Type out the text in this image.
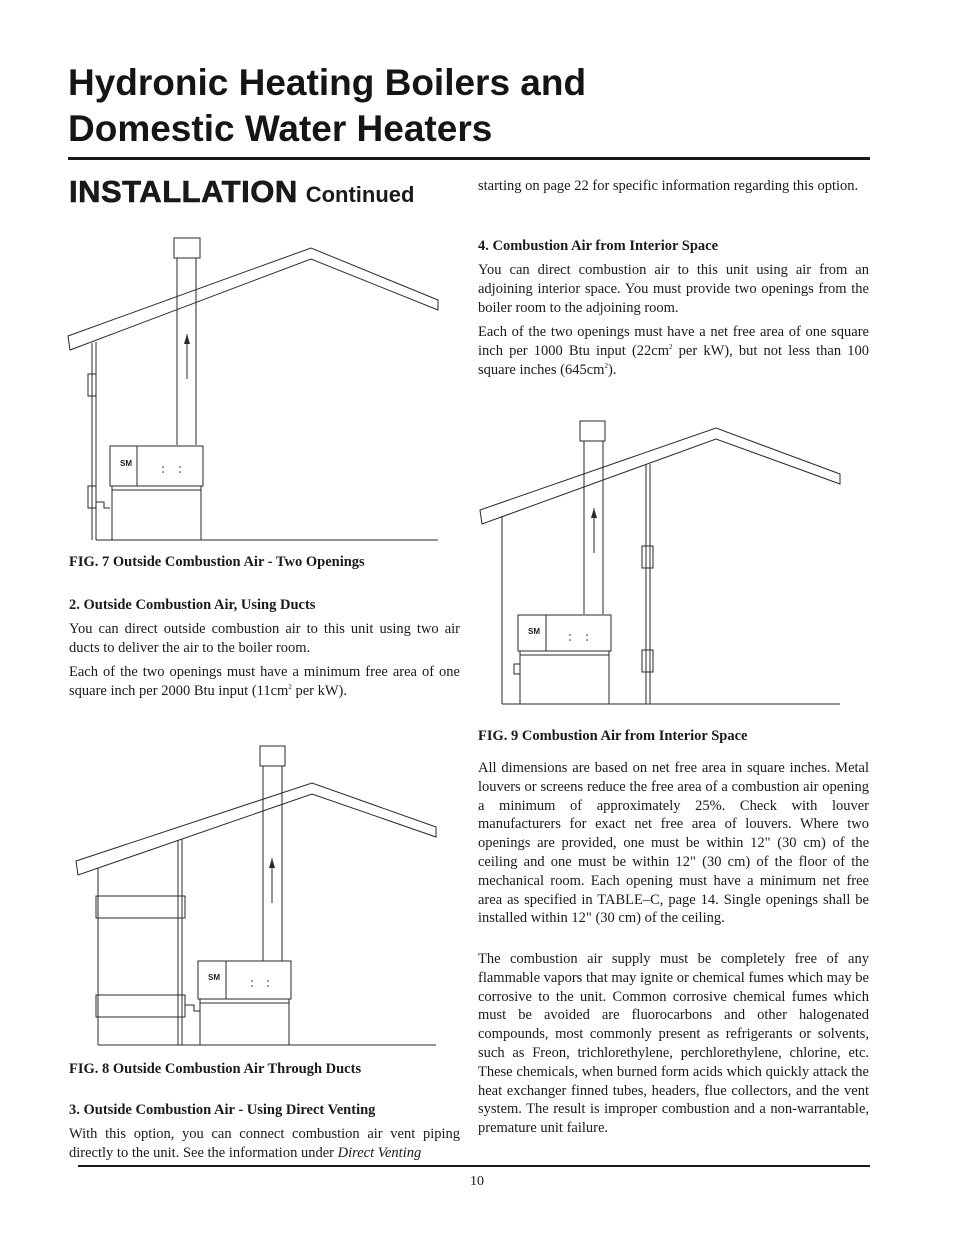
Hydronic Heating Boilers and
Domestic Water Heaters
INSTALLATION Continued
SM

FIG. 7 Outside Combustion Air - Two Openings

2. Outside Combustion Air, Using Ducts

You can direct outside combustion air to this unit using two air ducts to deliver the air to the boiler room.

Each of the two openings must have a minimum free area of one square inch per 2000 Btu input ($11cm^2$ per kW).

SM

FIG. 8 Outside Combustion Air Through Ducts

3. Outside Combustion Air - Using Direct Venting

With this option, you can connect combustion air vent piping directly to the unit. See the information under Direct Venting

starting on page 22 for specific information regarding this option.

4. Combustion Air from Interior Space

You can direct combustion air to this unit using air from an adjoining interior space. You must provide two openings from the boiler room to the adjoining room.

Each of the two openings must have a net free area of one square inch per 1000 Btu input ($22cm^2$ per kW), but not less than 100 square inches $(645cm^2)$.

SM

FIG. 9 Combustion Air from Interior Space

All dimensions are based on net free area in square inches. Metal louvers or screens reduce the free area of a combustion air opening a minimum of approximately 25%. Check with louver manufacturers for exact net free area of louvers. Where two openings are provided, one must be within 12" (30 cm) of the ceiling and one must be within 12" (30 cm) of the floor of the mechanical room. Each opening must have a minimum net free area as specified in TABLE–C, page 14. Single openings shall be installed within 12" (30 cm) of the ceiling.

The combustion air supply must be completely free of any flammable vapors that may ignite or chemical fumes which may be corrosive to the unit. Common corrosive chemical fumes which must be avoided are fluorocarbons and other halogenated compounds, most commonly present as refrigerants or solvents, such as Freon, trichlorethylene, perchlorethylene, chlorine, etc. These chemicals, when burned form acids which quickly attack the heat exchanger finned tubes, headers, flue collectors, and the vent system. The result is improper combustion and a non-warrantable, premature unit failure.

10
